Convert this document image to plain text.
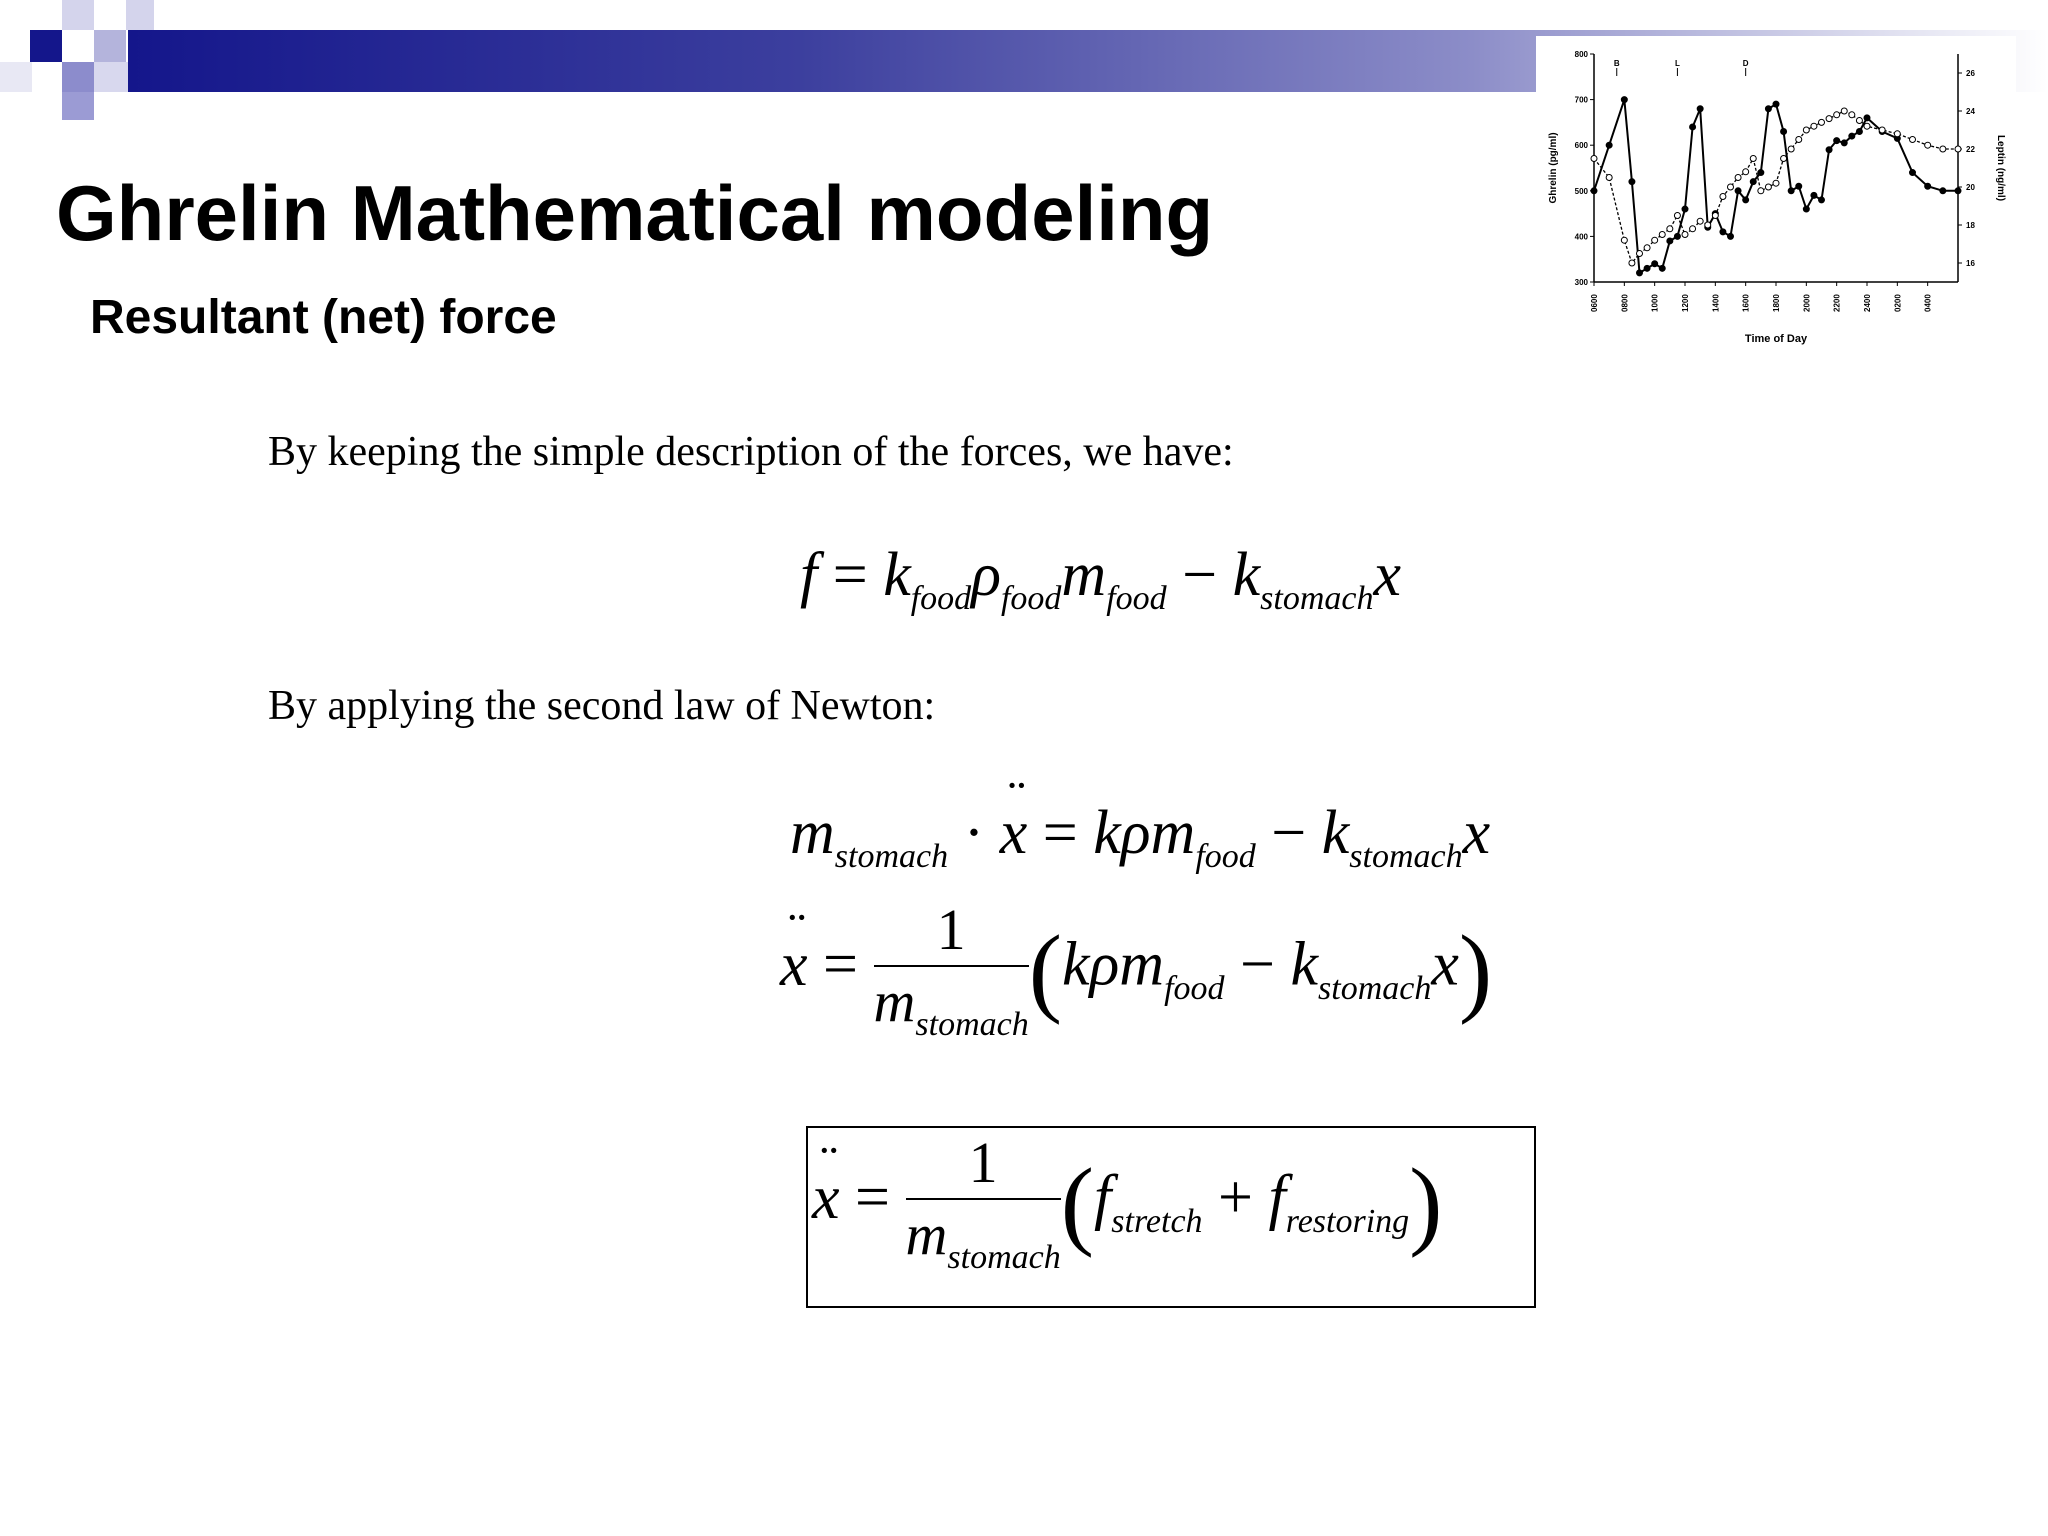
Ghrelin Mathematical modeling
Resultant (net) force
By keeping the simple description of the forces, we have:
$f = k_{food}\rho_{food}m_{food} - k_{stomach}x$
By applying the second law of Newton:
$m_{stomach}$ · ¨ $x = k\rho m_{food} - k_{stomach}x$
¨ $x = \frac{1}{m_{stomach}} (k\rho m_{food} - k_{stomach}x)$
¨ $x = \frac{1}{m_{stomach}} (f_{stretch} + f_{restoring})$
300
400
500
600
700
800
16
18
20
22
24
26
0600	0800	1000	1200	1400	1600	1800	2000	2200	2400	0200	0400
Time of Day
Ghrelin (pg/ml)	Leptin (ng/ml)
B	L	D
